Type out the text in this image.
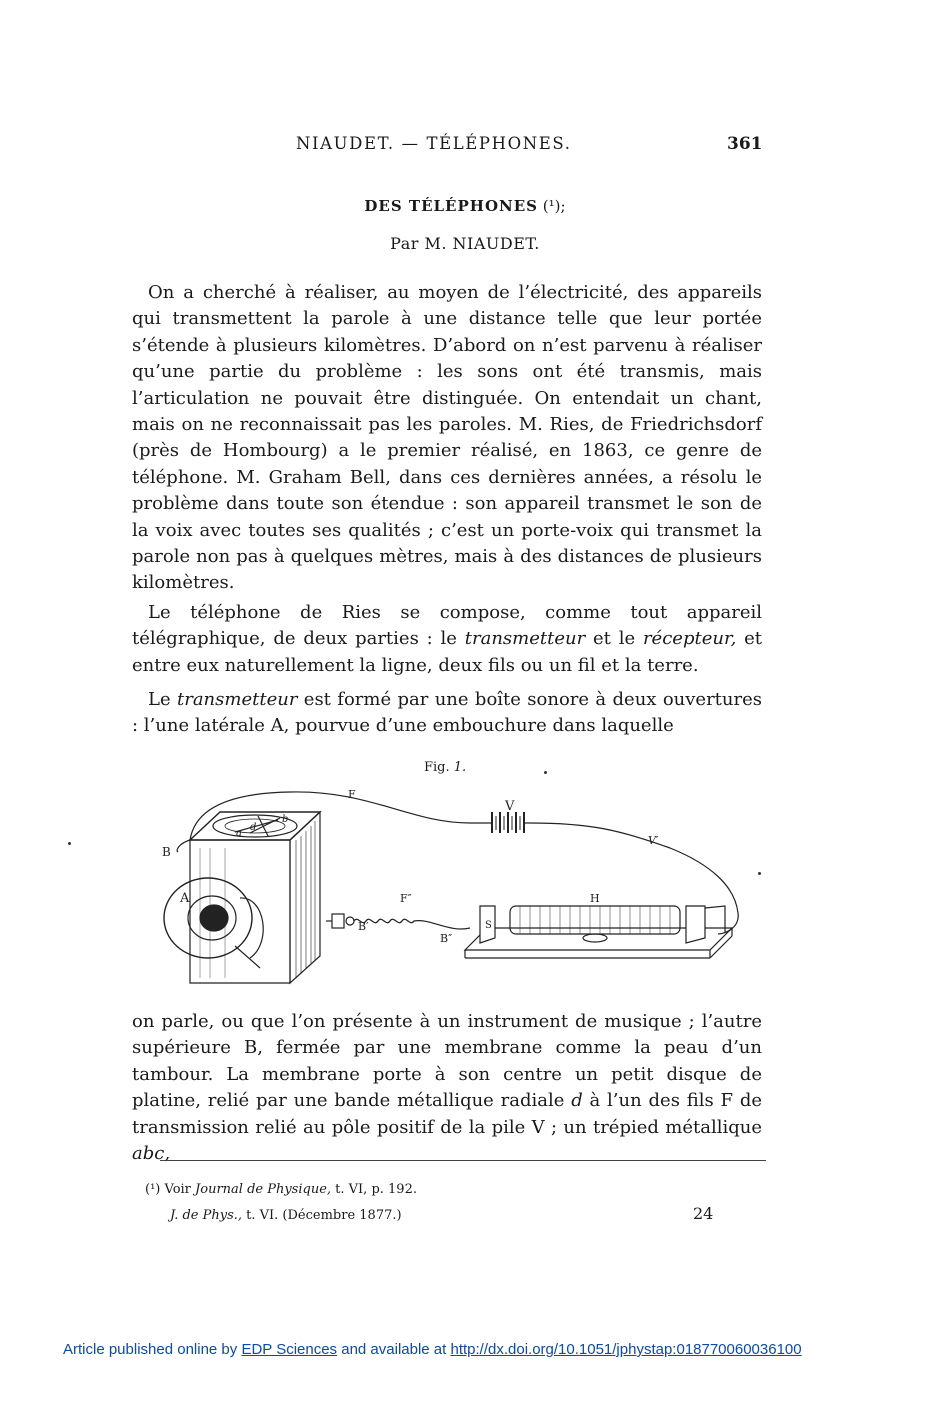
NIAUDET. — TÉLÉPHONES.	361
DES TÉLÉPHONES (¹);
Par M. NIAUDET.

On a cherché à réaliser, au moyen de l’électricité, des appareils qui transmettent la parole à une distance telle que leur portée s’étende à plusieurs kilomètres. D’abord on n’est parvenu à réaliser qu’une partie du problème : les sons ont été transmis, mais l’articulation ne pouvait être distinguée. On entendait un chant, mais on ne reconnaissait pas les paroles. M. Ries, de Friedrichsdorf (près de Hombourg) a le premier réalisé, en 1863, ce genre de téléphone. M. Graham Bell, dans ces dernières années, a résolu le problème dans toute son étendue : son appareil transmet le son de la voix avec toutes ses qualités ; c’est un porte-voix qui transmet la parole non pas à quelques mètres, mais à des distances de plusieurs kilomètres.

Le téléphone de Ries se compose, comme tout appareil télégraphique, de deux parties : le transmetteur et le récepteur, et entre eux naturellement la ligne, deux fils ou un fil et la terre.

Le transmetteur est formé par une boîte sonore à deux ouvertures : l’une latérale A, pourvue d’une embouchure dans laquelle

Fig. 1.
F
V
V′
B
A	F″
B′
B″
S
H
a
b
d

on parle, ou que l’on présente à un instrument de musique ; l’autre supérieure B, fermée par une membrane comme la peau d’un tambour. La membrane porte à son centre un petit disque de platine, relié par une bande métallique radiale d à l’un des fils F de transmission relié au pôle positif de la pile V ; un trépied métallique abc,

(¹) Voir Journal de Physique, t. VI, p. 192.
J. de Phys., t. VI. (Décembre 1877.)	24
Article published online by EDP Sciences and available at http://dx.doi.org/10.1051/jphystap:018770060036100
